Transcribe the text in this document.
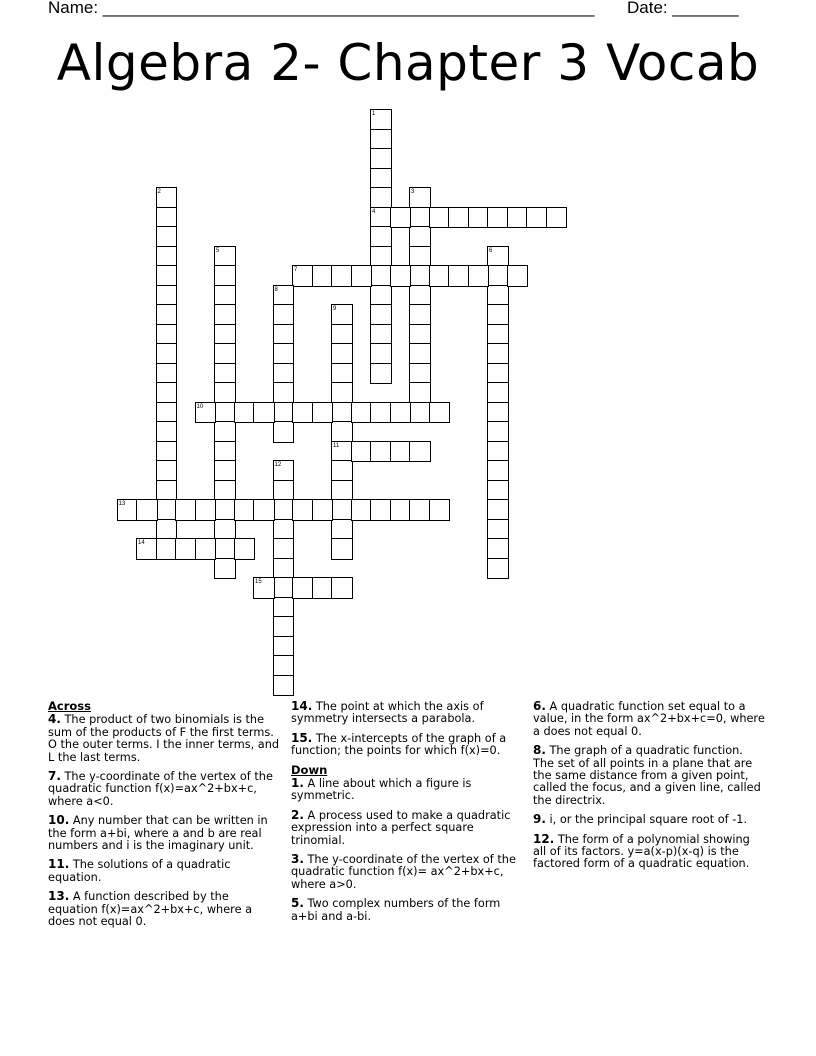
Name: ____________________________________________________ Date: _______
Algebra 2- Chapter 3 Vocab
1
2	3
4
5	6
7
8
9
10
11
12
13
14
15
Across
4. The product of two binomials is the sum of the products of F the first terms. O the outer terms. I the inner terms, and L the last terms.
7. The y-coordinate of the vertex of the quadratic function f(x)=ax^2+bx+c, where a<0.
10. Any number that can be written in the form a+bi, where a and b are real numbers and i is the imaginary unit.
11. The solutions of a quadratic equation.
13. A function described by the equation f(x)=ax^2+bx+c, where a does not equal 0.
14. The point at which the axis of symmetry intersects a parabola.
15. The x-intercepts of the graph of a function; the points for which f(x)=0.
Down
1. A line about which a figure is symmetric.
2. A process used to make a quadratic expression into a perfect square trinomial.
3. The y-coordinate of the vertex of the quadratic function f(x)= ax^2+bx+c, where a>0.
5. Two complex numbers of the form a+bi and a-bi.
6. A quadratic function set equal to a value, in the form ax^2+bx+c=0, where a does not equal 0.
8. The graph of a quadratic function. The set of all points in a plane that are the same distance from a given point, called the focus, and a given line, called the directrix.
9. i, or the principal square root of -1.
12. The form of a polynomial showing all of its factors. y=a(x-p)(x-q) is the factored form of a quadratic equation.
